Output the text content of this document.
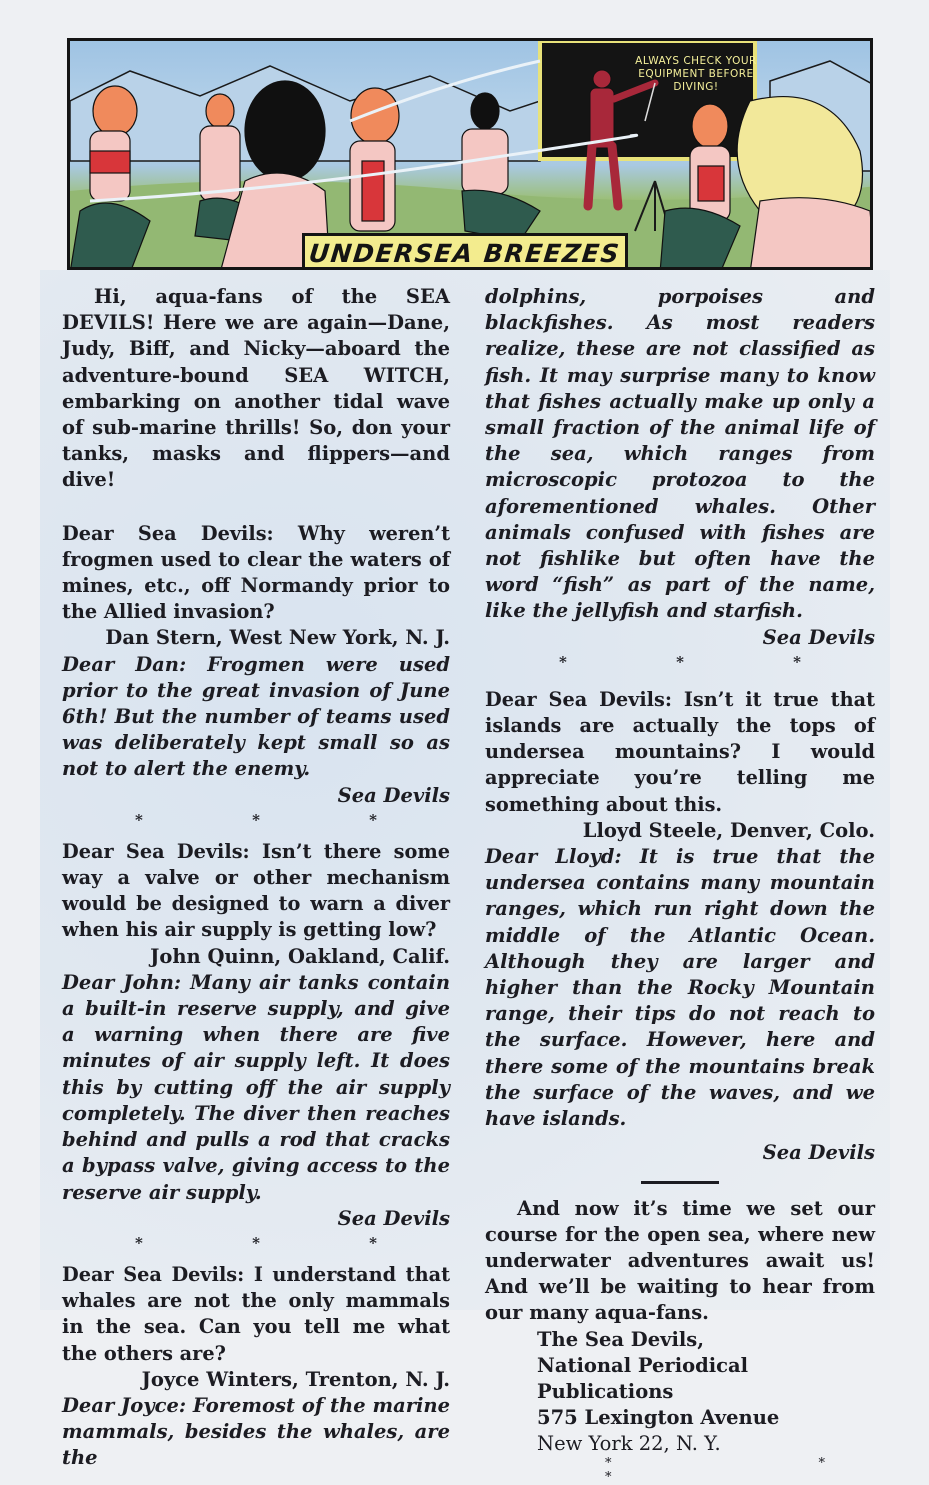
ALWAYS CHECK YOUR
EQUIPMENT BEFORE
DIVING!
UNDERSEA BREEZES

Hi, aqua-fans of the SEA DEVILS! Here we are again—Dane, Judy, Biff, and Nicky—aboard the adventure-bound SEA WITCH, embarking on another tidal wave of sub-marine thrills! So, don your tanks, masks and flippers—and dive!

Dear Sea Devils: Why weren’t frogmen used to clear the waters of mines, etc., off Normandy prior to the Allied invasion?

Dan Stern, West New York, N. J.

Dear Dan: Frogmen were used prior to the great invasion of June 6th! But the number of teams used was deliberately kept small so as not to alert the enemy.

Sea Devils

* * *

Dear Sea Devils: Isn’t there some way a valve or other mechanism would be designed to warn a diver when his air supply is getting low?

John Quinn, Oakland, Calif.

Dear John: Many air tanks contain a built-in reserve supply, and give a warning when there are five minutes of air supply left. It does this by cutting off the air supply completely. The diver then reaches behind and pulls a rod that cracks a bypass valve, giving access to the reserve air supply.

Sea Devils

* * *

Dear Sea Devils: I understand that whales are not the only mammals in the sea. Can you tell me what the others are?

Joyce Winters, Trenton, N. J.

Dear Joyce: Foremost of the marine mammals, besides the whales, are the

dolphins, porpoises and blackfishes. As most readers realize, these are not classified as fish. It may surprise many to know that fishes actually make up only a small fraction of the animal life of the sea, which ranges from microscopic protozoa to the aforementioned whales. Other animals confused with fishes are not fishlike but often have the word “fish” as part of the name, like the jellyfish and starfish.

Sea Devils

* * *

Dear Sea Devils: Isn’t it true that islands are actually the tops of undersea mountains? I would appreciate you’re telling me something about this.

Lloyd Steele, Denver, Colo.

Dear Lloyd: It is true that the undersea contains many mountain ranges, which run right down the middle of the Atlantic Ocean. Although they are larger and higher than the Rocky Mountain range, their tips do not reach to the surface. However, here and there some of the mountains break the surface of the waves, and we have islands.

Sea Devils

And now it’s time we set our course for the open sea, where new underwater adventures await us! And we’ll be waiting to hear from our many aqua-fans.

The Sea Devils,
National Periodical Publications
575 Lexington Avenue
New York 22, N. Y.
* * *
